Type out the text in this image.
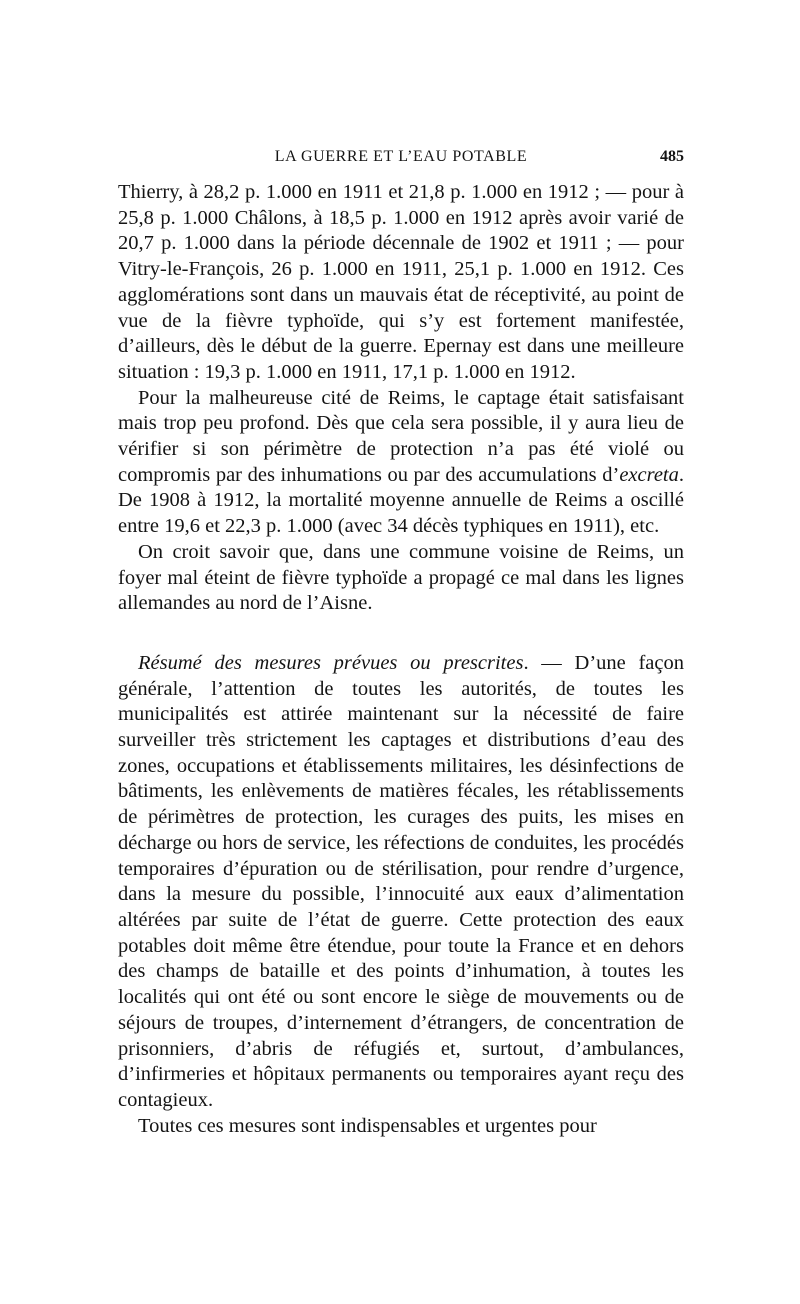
LA GUERRE ET L’EAU POTABLE	485

Thierry, à 28,2 p. 1.000 en 1911 et 21,8 p. 1.000 en 1912 ; — pour à 25,8 p. 1.000 Châlons, à 18,5 p. 1.000 en 1912 après avoir varié de 20,7 p. 1.000 dans la période décennale de 1902 et 1911 ; — pour Vitry-le-François, 26 p. 1.000 en 1911, 25,1 p. 1.000 en 1912. Ces agglomérations sont dans un mauvais état de réceptivité, au point de vue de la fièvre typhoïde, qui s’y est fortement manifestée, d’ailleurs, dès le début de la guerre. Epernay est dans une meilleure situation : 19,3 p. 1.000 en 1911, 17,1 p. 1.000 en 1912.

Pour la malheureuse cité de Reims, le captage était satisfaisant mais trop peu profond. Dès que cela sera possible, il y aura lieu de vérifier si son périmètre de protection n’a pas été violé ou compromis par des inhumations ou par des accumulations d’excreta. De 1908 à 1912, la mortalité moyenne annuelle de Reims a oscillé entre 19,6 et 22,3 p. 1.000 (avec 34 décès typhiques en 1911), etc.

On croit savoir que, dans une commune voisine de Reims, un foyer mal éteint de fièvre typhoïde a propagé ce mal dans les lignes allemandes au nord de l’Aisne.

Résumé des mesures prévues ou prescrites. — D’une façon générale, l’attention de toutes les autorités, de toutes les municipalités est attirée maintenant sur la nécessité de faire surveiller très strictement les captages et distributions d’eau des zones, occupations et établissements militaires, les désinfections de bâtiments, les enlèvements de matières fécales, les rétablissements de périmètres de protection, les curages des puits, les mises en décharge ou hors de service, les réfections de conduites, les procédés temporaires d’épuration ou de stérilisation, pour rendre d’urgence, dans la mesure du possible, l’innocuité aux eaux d’alimentation altérées par suite de l’état de guerre. Cette protection des eaux potables doit même être étendue, pour toute la France et en dehors des champs de bataille et des points d’inhumation, à toutes les localités qui ont été ou sont encore le siège de mouvements ou de séjours de troupes, d’internement d’étrangers, de concentration de prisonniers, d’abris de réfugiés et, surtout, d’ambulances, d’infirmeries et hôpitaux permanents ou temporaires ayant reçu des contagieux.

Toutes ces mesures sont indispensables et urgentes pour
